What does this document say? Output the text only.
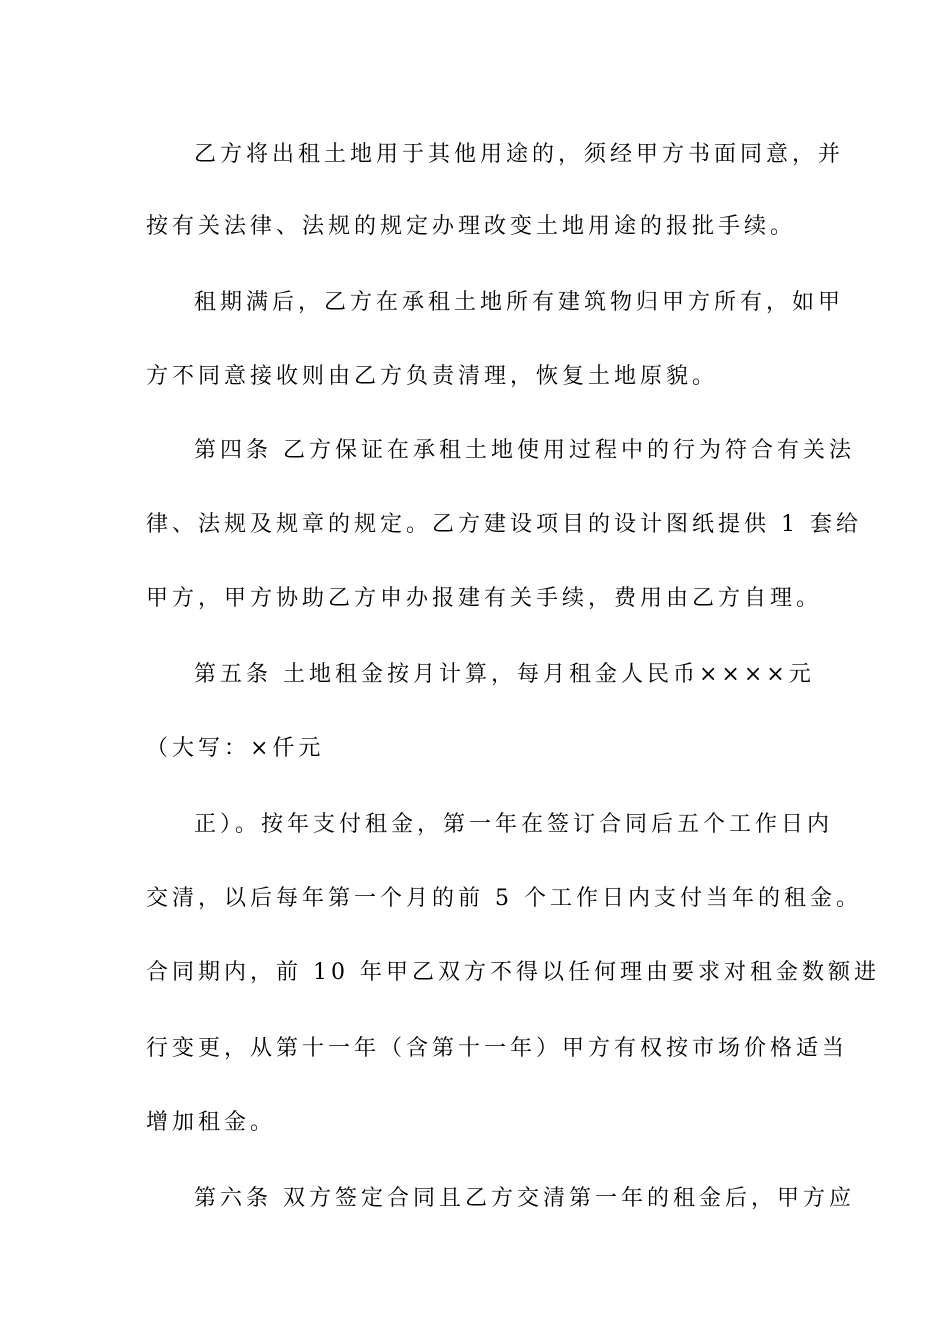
乙方将出租土地用于其他用途的，须经甲方书面同意，并
按有关法律、法规的规定办理改变土地用途的报批手续。
租期满后，乙方在承租土地所有建筑物归甲方所有，如甲
方不同意接收则由乙方负责清理，恢复土地原貌。
第四条 乙方保证在承租土地使用过程中的行为符合有关法
律、法规及规章的规定。乙方建设项目的设计图纸提供 1 套给
甲方，甲方协助乙方申办报建有关手续，费用由乙方自理。
第五条 土地租金按月计算，每月租金人民币××××元
（大写：×仟元
正）。按年支付租金，第一年在签订合同后五个工作日内
交清，以后每年第一个月的前 5 个工作日内支付当年的租金。
合同期内，前 10 年甲乙双方不得以任何理由要求对租金数额进
行变更，从第十一年（含第十一年）甲方有权按市场价格适当
增加租金。
第六条 双方签定合同且乙方交清第一年的租金后，甲方应
